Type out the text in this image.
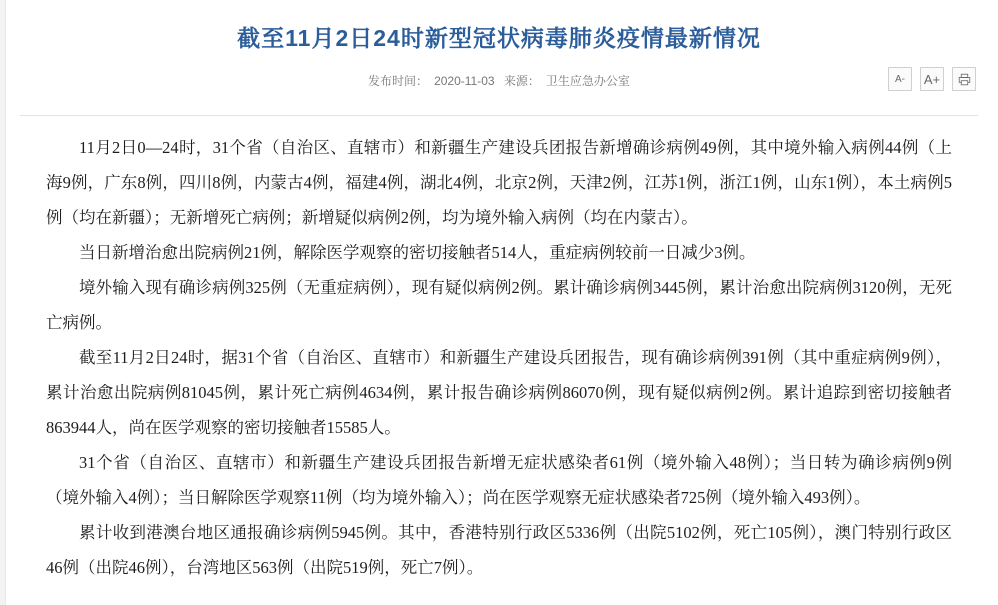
截至11月2日24时新型冠状病毒肺炎疫情最新情况
发布时间： 2020-11-03 来源： 卫生应急办公室	A-	A+

11月2日0—24时，31个省（自治区、直辖市）和新疆生产建设兵团报告新增确诊病例49例，其中境外输入病例44例（上海9例，广东8例，四川8例，内蒙古4例，福建4例，湖北4例，北京2例，天津2例，江苏1例，浙江1例，山东1例），本土病例5例（均在新疆）；无新增死亡病例；新增疑似病例2例，均为境外输入病例（均在内蒙古）。

当日新增治愈出院病例21例，解除医学观察的密切接触者514人，重症病例较前一日减少3例。

境外输入现有确诊病例325例（无重症病例），现有疑似病例2例。累计确诊病例3445例，累计治愈出院病例3120例，无死亡病例。

截至11月2日24时，据31个省（自治区、直辖市）和新疆生产建设兵团报告，现有确诊病例391例（其中重症病例9例），累计治愈出院病例81045例，累计死亡病例4634例，累计报告确诊病例86070例，现有疑似病例2例。累计追踪到密切接触者863944人，尚在医学观察的密切接触者15585人。

31个省（自治区、直辖市）和新疆生产建设兵团报告新增无症状感染者61例（境外输入48例）；当日转为确诊病例9例（境外输入4例）；当日解除医学观察11例（均为境外输入）；尚在医学观察无症状感染者725例（境外输入493例）。

累计收到港澳台地区通报确诊病例5945例。其中，香港特别行政区5336例（出院5102例，死亡105例），澳门特别行政区46例（出院46例），台湾地区563例（出院519例，死亡7例）。
